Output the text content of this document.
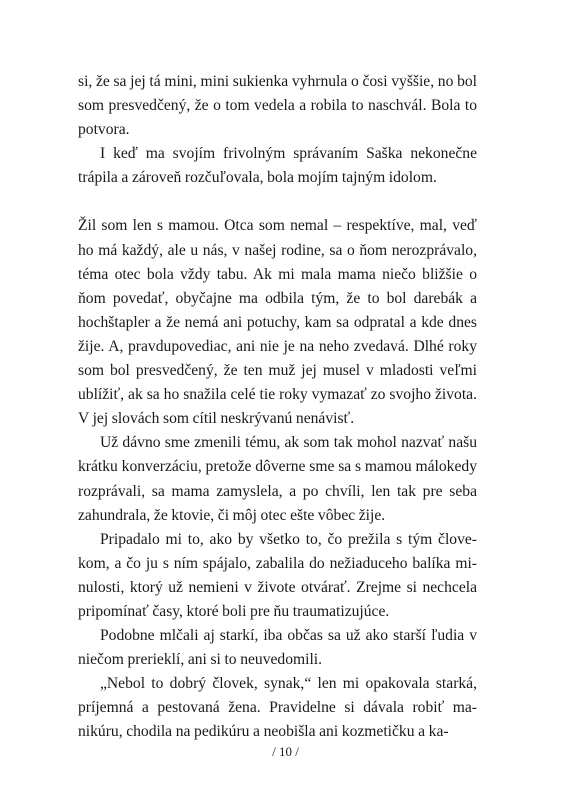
si, že sa jej tá mini, mini sukienka vyhrnula o čosi vyššie, no bol som presvedčený, že o tom vedela a robila to naschvál. Bola to potvora.

I keď ma svojím frivolným správaním Saška nekonečne trápila a zároveň rozčuľovala, bola mojím tajným idolom.

Žil som len s mamou. Otca som nemal – respektíve, mal, veď ho má každý, ale u nás, v našej rodine, sa o ňom nerozprávalo, téma otec bola vždy tabu. Ak mi mala mama niečo bližšie o ňom povedať, obyčajne ma odbila tým, že to bol darebák a hochštapler a že nemá ani potuchy, kam sa odpratal a kde dnes žije. A, pravdupovediac, ani nie je na neho zvedavá. Dlhé roky som bol presvedčený, že ten muž jej musel v mladosti veľmi ublížiť, ak sa ho snažila celé tie roky vymazať zo svojho života. V jej slovách som cítil neskrývanú nenávisť.

Už dávno sme zmenili tému, ak som tak mohol nazvať našu krátku konverzáciu, pretože dôverne sme sa s mamou málokedy rozprávali, sa mama zamyslela, a po chvíli, len tak pre seba zahundrala, že ktovie, či môj otec ešte vôbec žije.

Pripadalo mi to, ako by všetko to, čo prežila s tým človekom, a čo ju s ním spájalo, zabalila do nežiaduceho balíka minulosti, ktorý už nemieni v živote otvárať. Zrejme si nechcela pripomínať časy, ktoré boli pre ňu traumatizujúce.

Podobne mlčali aj starkí, iba občas sa už ako starší ľudia v niečom prerieklí, ani si to neuvedomili.

„Nebol to dobrý človek, synak,“ len mi opakovala starká, príjemná a pestovaná žena. Pravidelne si dávala robiť manikúru, chodila na pedikúru a neobišla ani kozmetičku a ka-

/ 10 /
